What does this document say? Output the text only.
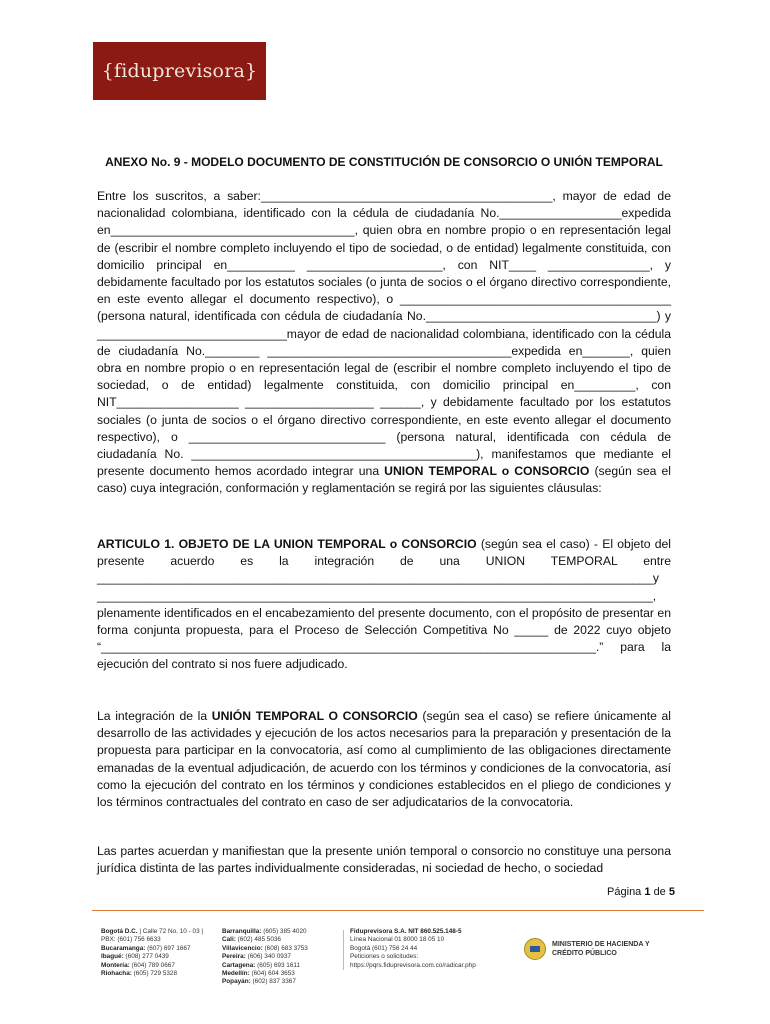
{fiduprevisora}
ANEXO No. 9 - MODELO DOCUMENTO DE CONSTITUCIÓN DE CONSORCIO O UNIÓN TEMPORAL

Entre los suscritos, a saber:___________________________________________, mayor de edad de nacionalidad colombiana, identificado con la cédula de ciudadanía No.__________________expedida en____________________________________, quien obra en nombre propio o en representación legal de (escribir el nombre completo incluyendo el tipo de sociedad, o de entidad) legalmente constituida, con domicilio principal en__________ ____________________, con NIT____ _______________, y debidamente facultado por los estatutos sociales (o junta de socios o el órgano directivo correspondiente, en este evento allegar el documento respectivo), o ________________________________________ (persona natural, identificada con cédula de ciudadanía No.__________________________________) y ____________________________mayor de edad de nacionalidad colombiana, identificado con la cédula de ciudadanía No.________ ____________________________________expedida en_______, quien obra en nombre propio o en representación legal de (escribir el nombre completo incluyendo el tipo de sociedad, o de entidad) legalmente constituida, con domicilio principal en_________, con NIT__________________ ___________________ ______, y debidamente facultado por los estatutos sociales (o junta de socios o el órgano directivo correspondiente, en este evento allegar el documento respectivo), o _____________________________ (persona natural, identificada con cédula de ciudadanía No. __________________________________________), manifestamos que mediante el presente documento hemos acordado integrar una UNION TEMPORAL o CONSORCIO (según sea el caso) cuya integración, conformación y reglamentación se regirá por las siguientes cláusulas:

ARTICULO 1. OBJETO DE LA UNION TEMPORAL o CONSORCIO (según sea el caso) - El objeto del presente acuerdo es la integración de una UNION TEMPORAL entre __________________________________________________________________________________y __________________________________________________________________________________, plenamente identificados en el encabezamiento del presente documento, con el propósito de presentar en forma conjunta propuesta, para el Proceso de Selección Competitiva No _____ de 2022 cuyo objeto “_________________________________________________________________________.” para la ejecución del contrato si nos fuere adjudicado.

La integración de la UNIÓN TEMPORAL O CONSORCIO (según sea el caso) se refiere únicamente al desarrollo de las actividades y ejecución de los actos necesarios para la preparación y presentación de la propuesta para participar en la convocatoria, así como al cumplimiento de las obligaciones directamente emanadas de la eventual adjudicación, de acuerdo con los términos y condiciones de la convocatoria, así como la ejecución del contrato en los términos y condiciones establecidos en el pliego de condiciones y los términos contractuales del contrato en caso de ser adjudicatarios de la convocatoria.

Las partes acuerdan y manifiestan que la presente unión temporal o consorcio no constituye una persona jurídica distinta de las partes individualmente consideradas, ni sociedad de hecho, o sociedad

Página 1 de 5
Bogotá D.C. | Calle 72 No. 10 - 03 | PBX: (601) 756 6633
Bucaramanga: (607) 697 1667
Ibagué: (608) 277 0439
Montería: (604) 789 0667
Riohacha: (605) 729 5328
Barranquilla: (605) 385 4020
Cali: (602) 485 5036
Villavicencio: (608) 683 3753
Pereira: (606) 340 0937
Cartagena: (605) 693 1611
Medellín: (604) 604 3653
Popayán: (602) 837 3367
Fiduprevisora S.A. NIT 860.525.148-5
Línea Nacional 01 8000 18 05 10
Bogotá (601) 756 24 44
Peticiones o solicitudes:
https://pqrs.fiduprevisora.com.co/radicar.php
MINISTERIO DE HACIENDA Y
CRÉDITO PÚBLICO
